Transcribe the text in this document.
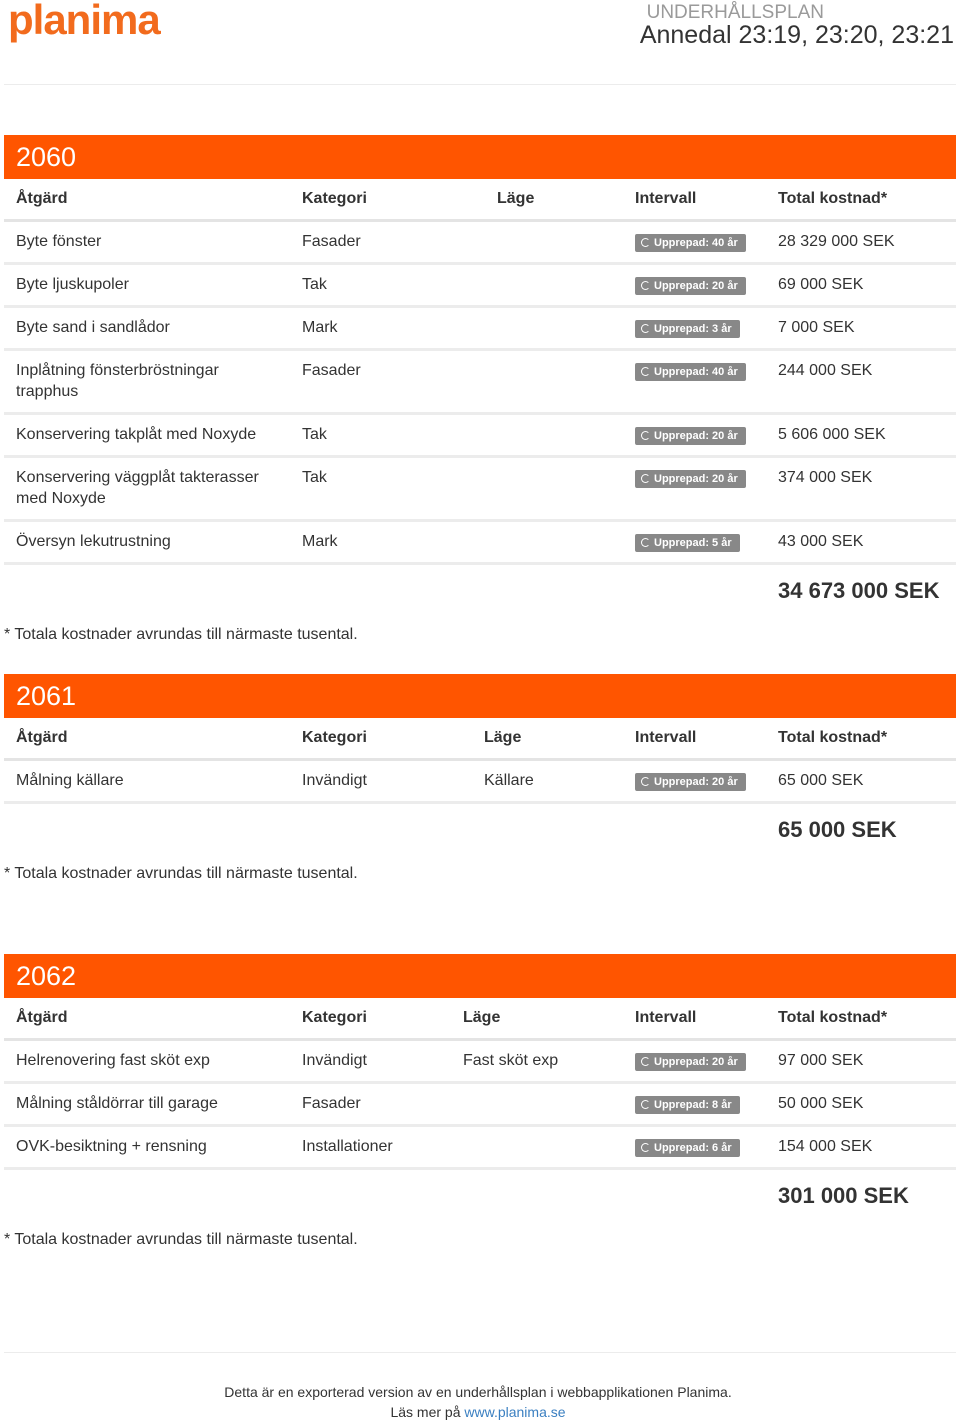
planima	UNDERHÅLLSPLAN
Annedal 23:19, 23:20, 23:21
2060
Åtgärd	Kategori	Läge	Intervall	Total kostnad*
Byte fönster	Fasader		Upprepad: 40 år	28 329 000 SEK
Byte ljuskupoler	Tak		Upprepad: 20 år	69 000 SEK
Byte sand i sandlådor	Mark		Upprepad: 3 år	7 000 SEK
Inplåtning fönsterbröstningar trapphus	Fasader		Upprepad: 40 år	244 000 SEK
Konservering takplåt med Noxyde	Tak		Upprepad: 20 år	5 606 000 SEK
Konservering väggplåt takterasser med Noxyde	Tak		Upprepad: 20 år	374 000 SEK
Översyn lekutrustning	Mark		Upprepad: 5 år	43 000 SEK
34 673 000 SEK
* Totala kostnader avrundas till närmaste tusental.
2061
Åtgärd	Kategori	Läge	Intervall	Total kostnad*
Målning källare	Invändigt	Källare	Upprepad: 20 år	65 000 SEK
65 000 SEK
* Totala kostnader avrundas till närmaste tusental.
2062
Åtgärd	Kategori	Läge	Intervall	Total kostnad*
Helrenovering fast sköt exp	Invändigt	Fast sköt exp	Upprepad: 20 år	97 000 SEK
Målning ståldörrar till garage	Fasader		Upprepad: 8 år	50 000 SEK
OVK-besiktning + rensning	Installationer		Upprepad: 6 år	154 000 SEK
301 000 SEK
* Totala kostnader avrundas till närmaste tusental.
Detta är en exporterad version av en underhållsplan i webbapplikationen Planima.
Läs mer på www.planima.se
